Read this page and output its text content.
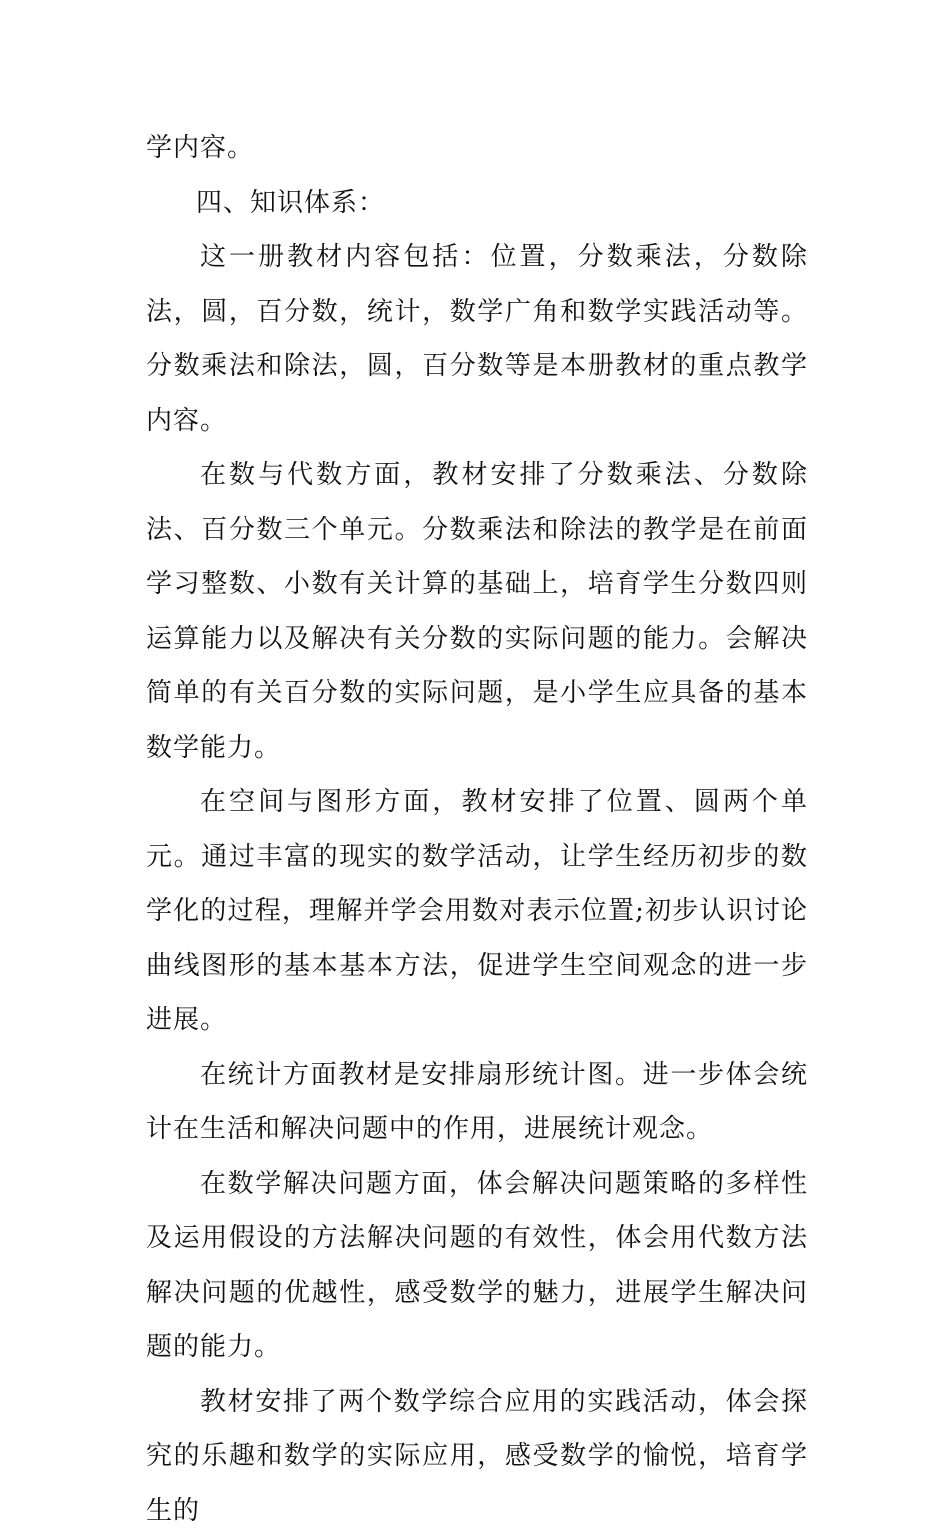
学内容。

四、知识体系：

这一册教材内容包括：位置，分数乘法，分数除法，圆，百分数，统计，数学广角和数学实践活动等。分数乘法和除法，圆，百分数等是本册教材的重点教学内容。

在数与代数方面，教材安排了分数乘法、分数除法、百分数三个单元。分数乘法和除法的教学是在前面学习整数、小数有关计算的基础上，培育学生分数四则运算能力以及解决有关分数的实际问题的能力。会解决简单的有关百分数的实际问题，是小学生应具备的基本数学能力。

在空间与图形方面，教材安排了位置、圆两个单元。通过丰富的现实的数学活动，让学生经历初步的数学化的过程，理解并学会用数对表示位置;初步认识讨论曲线图形的基本基本方法，促进学生空间观念的进一步进展。

在统计方面教材是安排扇形统计图。进一步体会统计在生活和解决问题中的作用，进展统计观念。

在数学解决问题方面，体会解决问题策略的多样性及运用假设的方法解决问题的有效性，体会用代数方法解决问题的优越性，感受数学的魅力，进展学生解决问题的能力。

教材安排了两个数学综合应用的实践活动，体会探究的乐趣和数学的实际应用，感受数学的愉悦，培育学生的
